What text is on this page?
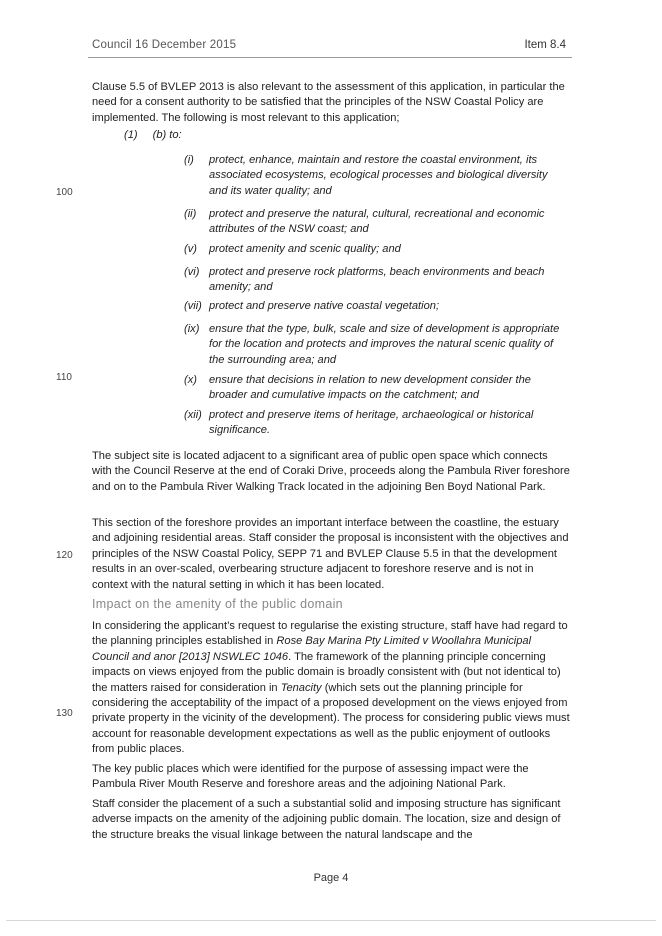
Council 16 December 2015	Item 8.4
Clause 5.5 of BVLEP 2013 is also relevant to the assessment of this application, in particular the need for a consent authority to be satisfied that the principles of the NSW Coastal Policy are implemented. The following is most relevant to this application;
(1) (b) to:
(i) protect, enhance, maintain and restore the coastal environment, its associated ecosystems, ecological processes and biological diversity and its water quality; and
(ii) protect and preserve the natural, cultural, recreational and economic attributes of the NSW coast; and
(v) protect amenity and scenic quality; and
(vi) protect and preserve rock platforms, beach environments and beach amenity; and
(vii) protect and preserve native coastal vegetation;
(ix) ensure that the type, bulk, scale and size of development is appropriate for the location and protects and improves the natural scenic quality of the surrounding area; and
(x) ensure that decisions in relation to new development consider the broader and cumulative impacts on the catchment; and
(xii) protect and preserve items of heritage, archaeological or historical significance.
The subject site is located adjacent to a significant area of public open space which connects with the Council Reserve at the end of Coraki Drive, proceeds along the Pambula River foreshore and on to the Pambula River Walking Track located in the adjoining Ben Boyd National Park.
This section of the foreshore provides an important interface between the coastline, the estuary and adjoining residential areas. Staff consider the proposal is inconsistent with the objectives and principles of the NSW Coastal Policy, SEPP 71 and BVLEP Clause 5.5 in that the development results in an over-scaled, overbearing structure adjacent to foreshore reserve and is not in context with the natural setting in which it has been located.
Impact on the amenity of the public domain
In considering the applicant’s request to regularise the existing structure, staff have had regard to the planning principles established in Rose Bay Marina Pty Limited v Woollahra Municipal Council and anor [2013] NSWLEC 1046. The framework of the planning principle concerning impacts on views enjoyed from the public domain is broadly consistent with (but not identical to) the matters raised for consideration in Tenacity (which sets out the planning principle for considering the acceptability of the impact of a proposed development on the views enjoyed from private property in the vicinity of the development). The process for considering public views must account for reasonable development expectations as well as the public enjoyment of outlooks from public places.
The key public places which were identified for the purpose of assessing impact were the Pambula River Mouth Reserve and foreshore areas and the adjoining National Park.
Staff consider the placement of a such a substantial solid and imposing structure has significant adverse impacts on the amenity of the adjoining public domain. The location, size and design of the structure breaks the visual linkage between the natural landscape and the
100
110
120
130
Page 4
